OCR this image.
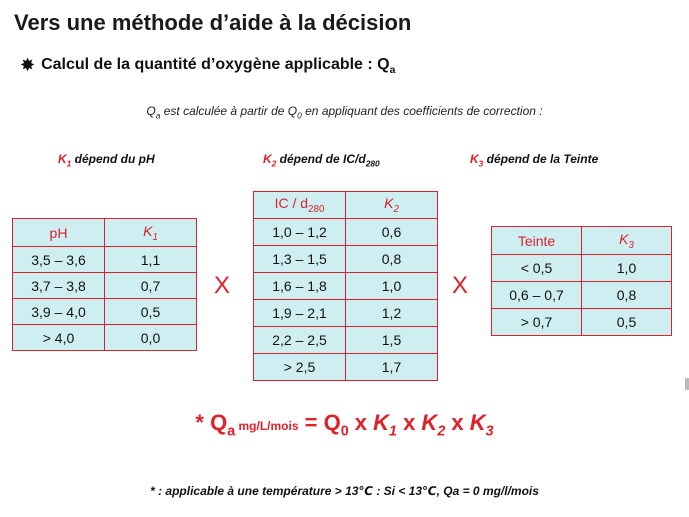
Vers une méthode d’aide à la décision
✸ Calcul de la quantité d’oxygène applicable : $Q_a$
$Q_a$ est calculée à partir de $Q_0$ en appliquant des coefficients de correction :
$K_1$ dépend du pH	$K_2$ dépend de $IC/d_{280}$	$K_3$ dépend de la Teinte
pH	$K_1$
3,5 – 3,6	1,1
3,7 – 3,8	0,7
3,9 – 4,0	0,5
> 4,0	0,0
X
IC / $d_{280}$	$K_2$
1,0 – 1,2	0,6
1,3 – 1,5	0,8
1,6 – 1,8	1,0
1,9 – 2,1	1,2
2,2 – 2,5	1,5
> 2,5	1,7
X
Teinte	$K_3$
< 0,5	1,0
0,6 – 0,7	0,8
> 0,7	0,5
* $Q_a$ mg/L/mois = $Q_0$ x $K_1$ x $K_2$ x $K_3$
* : applicable à une température > 13℃ : Si < 13℃, Qa = 0 mg/l/mois
